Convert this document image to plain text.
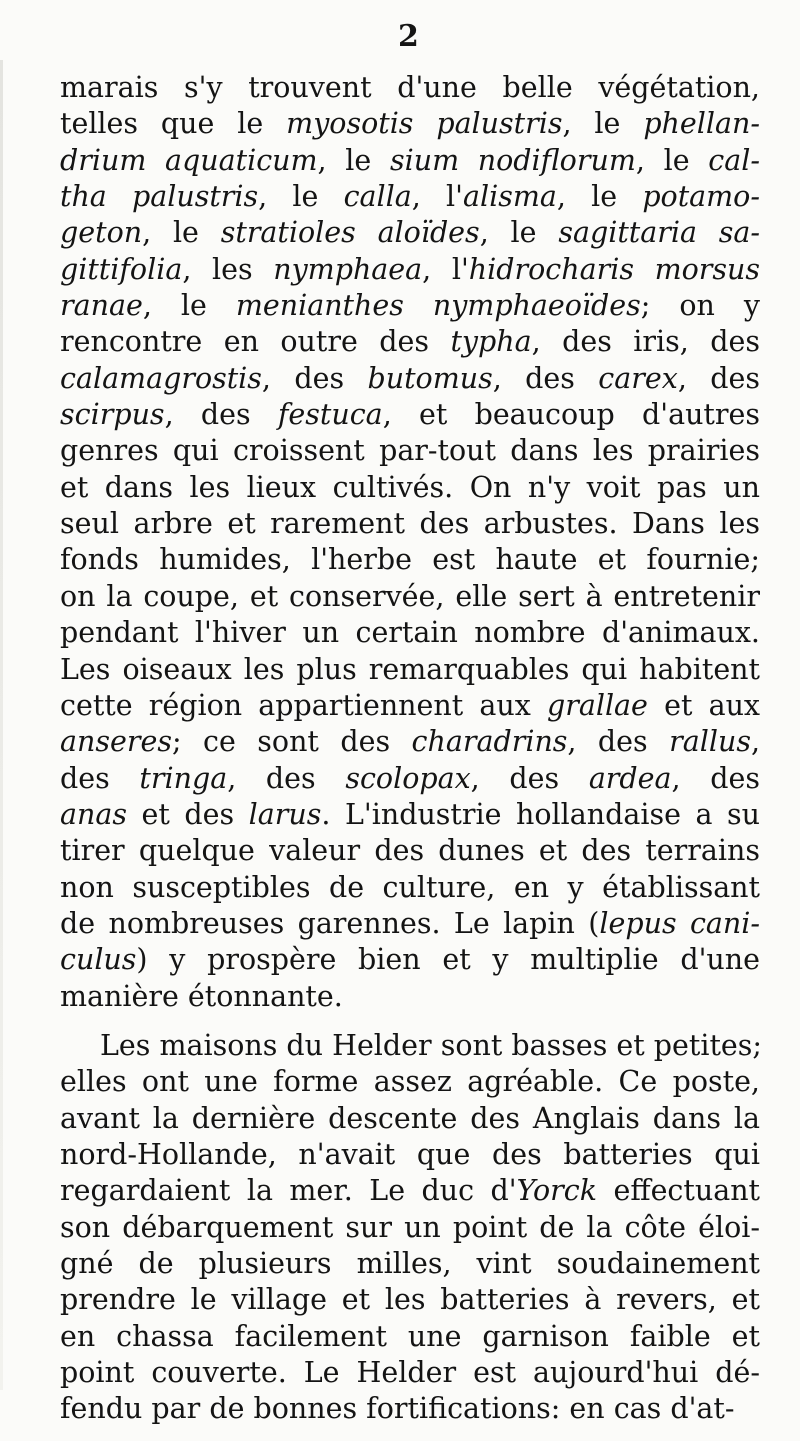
2
marais s'y trouvent d'une belle végétation,
telles que le myosotis palustris, le phellan-
drium aquaticum, le sium nodiflorum, le cal-
tha palustris, le calla, l'alisma, le potamo-
geton, le stratioles aloïdes, le sagittaria sa-
gittifolia, les nymphaea, l'hidrocharis morsus
ranae, le menianthes nymphaeoïdes; on y
rencontre en outre des typha, des iris, des
calamagrostis, des butomus, des carex, des
scirpus, des festuca, et beaucoup d'autres
genres qui croissent par-tout dans les prairies
et dans les lieux cultivés. On n'y voit pas un
seul arbre et rarement des arbustes. Dans les
fonds humides, l'herbe est haute et fournie;
on la coupe, et conservée, elle sert à entretenir
pendant l'hiver un certain nombre d'animaux.
Les oiseaux les plus remarquables qui habitent
cette région appartiennent aux grallae et aux
anseres; ce sont des charadrins, des rallus,
des tringa, des scolopax, des ardea, des
anas et des larus. L'industrie hollandaise a su
tirer quelque valeur des dunes et des terrains
non susceptibles de culture, en y établissant
de nombreuses garennes. Le lapin (lepus cani-
culus) y prospère bien et y multiplie d'une
manière étonnante.
Les maisons du Helder sont basses et petites;
elles ont une forme assez agréable. Ce poste,
avant la dernière descente des Anglais dans la
nord-Hollande, n'avait que des batteries qui
regardaient la mer. Le duc d'Yorck effectuant
son débarquement sur un point de la côte éloi-
gné de plusieurs milles, vint soudainement
prendre le village et les batteries à revers, et
en chassa facilement une garnison faible et
point couverte. Le Helder est aujourd'hui dé-
fendu par de bonnes fortifications: en cas d'at-
